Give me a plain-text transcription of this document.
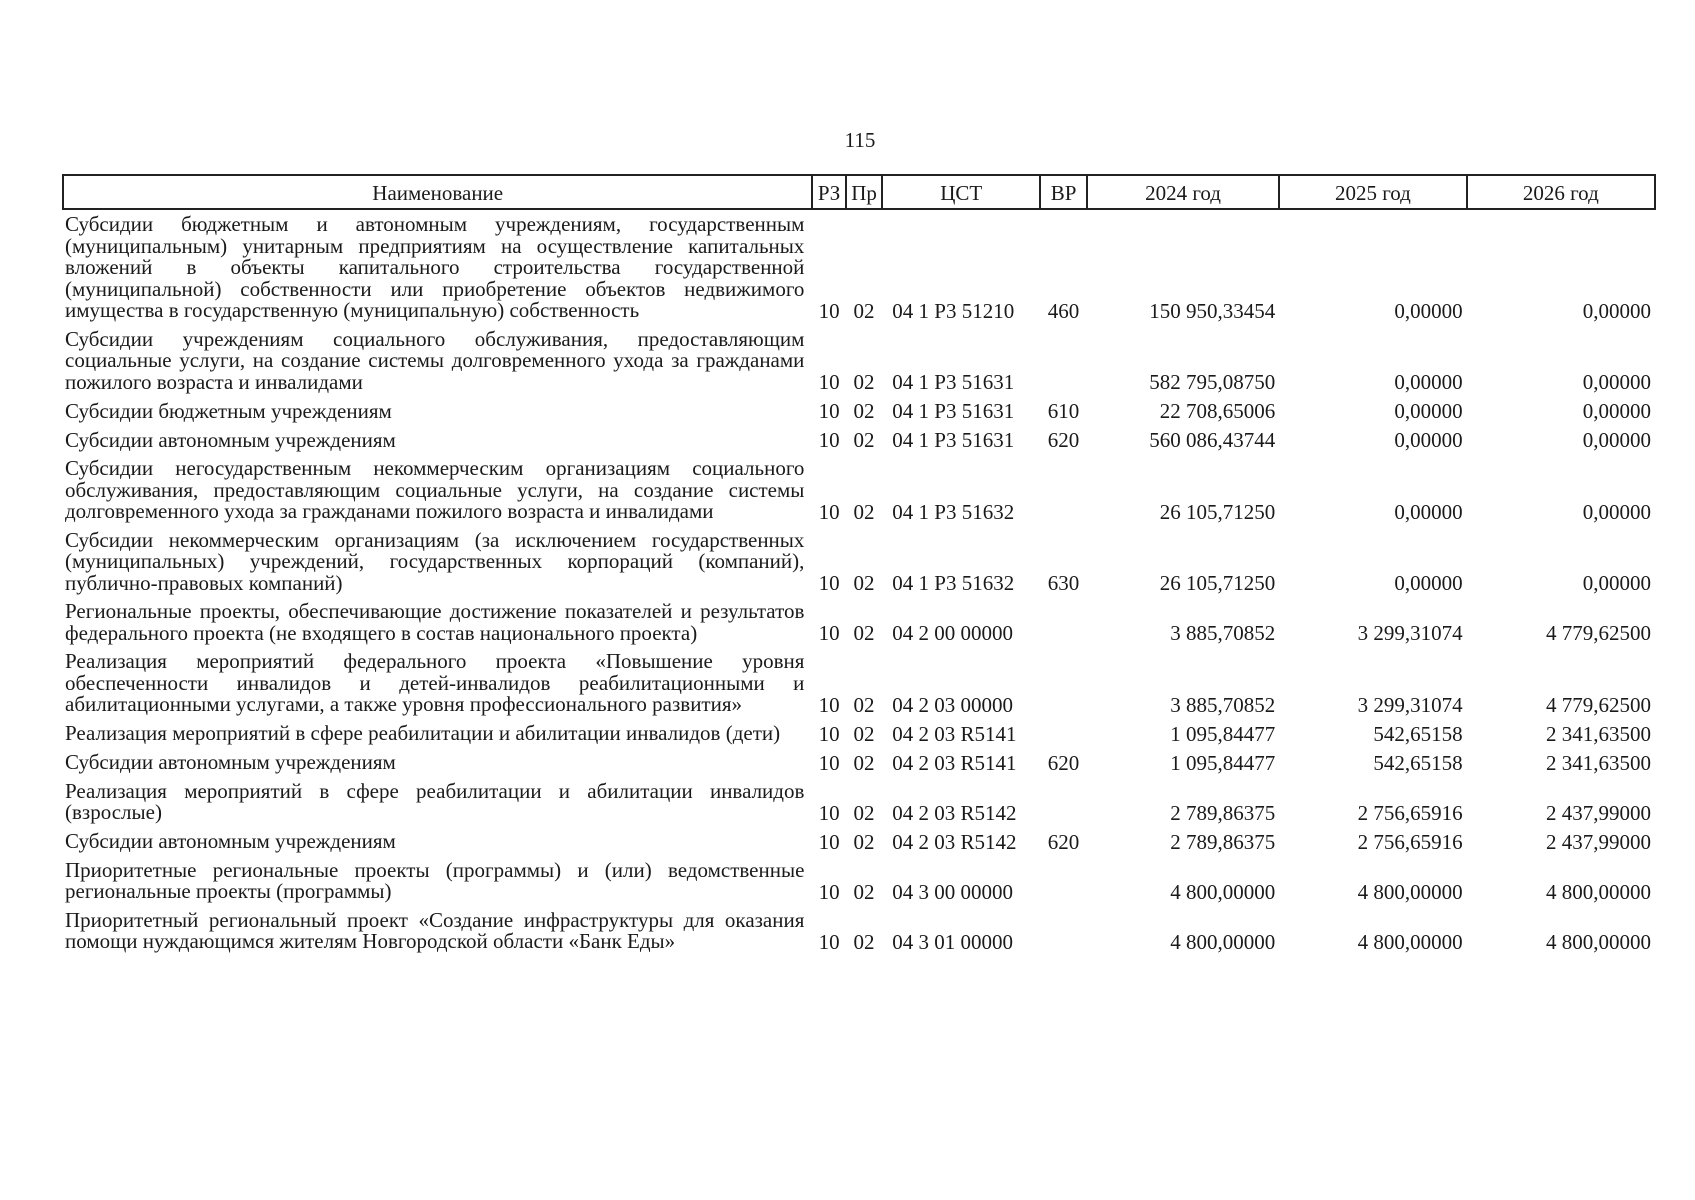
115
Наименование	РЗ	Пр	ЦСТ	ВР	2024 год	2025 год	2026 год
Субсидии бюджетным и автономным учреждениям, государственным (муниципальным) унитарным предприятиям на осуществление капитальных вложений в объекты капитального строительства государственной (муниципальной) собственности или приобретение объектов недвижимого имущества в государственную (муниципальную) собственность	10	02	04 1 Р3 51210	460	150 950,33454	0,00000	0,00000
Субсидии учреждениям социального обслуживания, предоставляющим социальные услуги, на создание системы долговременного ухода за гражданами пожилого возраста и инвалидами	10	02	04 1 Р3 51631		582 795,08750	0,00000	0,00000
Субсидии бюджетным учреждениям	10	02	04 1 Р3 51631	610	22 708,65006	0,00000	0,00000
Субсидии автономным учреждениям	10	02	04 1 Р3 51631	620	560 086,43744	0,00000	0,00000
Субсидии негосударственным некоммерческим организациям социального обслуживания, предоставляющим социальные услуги, на создание системы долговременного ухода за гражданами пожилого возраста и инвалидами	10	02	04 1 Р3 51632		26 105,71250	0,00000	0,00000
Субсидии некоммерческим организациям (за исключением государственных (муниципальных) учреждений, государственных корпораций (компаний), публично-правовых компаний)	10	02	04 1 Р3 51632	630	26 105,71250	0,00000	0,00000
Региональные проекты, обеспечивающие достижение показателей и результатов федерального проекта (не входящего в состав национального проекта)	10	02	04 2 00 00000		3 885,70852	3 299,31074	4 779,62500
Реализация мероприятий федерального проекта «Повышение уровня обеспеченности инвалидов и детей-инвалидов реабилитационными и абилитационными услугами, а также уровня профессионального развития»	10	02	04 2 03 00000		3 885,70852	3 299,31074	4 779,62500
Реализация мероприятий в сфере реабилитации и абилитации инвалидов (дети)	10	02	04 2 03 R5141		1 095,84477	542,65158	2 341,63500
Субсидии автономным учреждениям	10	02	04 2 03 R5141	620	1 095,84477	542,65158	2 341,63500
Реализация мероприятий в сфере реабилитации и абилитации инвалидов (взрослые)	10	02	04 2 03 R5142		2 789,86375	2 756,65916	2 437,99000
Субсидии автономным учреждениям	10	02	04 2 03 R5142	620	2 789,86375	2 756,65916	2 437,99000
Приоритетные региональные проекты (программы) и (или) ведомственные региональные проекты (программы)	10	02	04 3 00 00000		4 800,00000	4 800,00000	4 800,00000
Приоритетный региональный проект «Создание инфраструктуры для оказания помощи нуждающимся жителям Новгородской области «Банк Еды»	10	02	04 3 01 00000		4 800,00000	4 800,00000	4 800,00000
